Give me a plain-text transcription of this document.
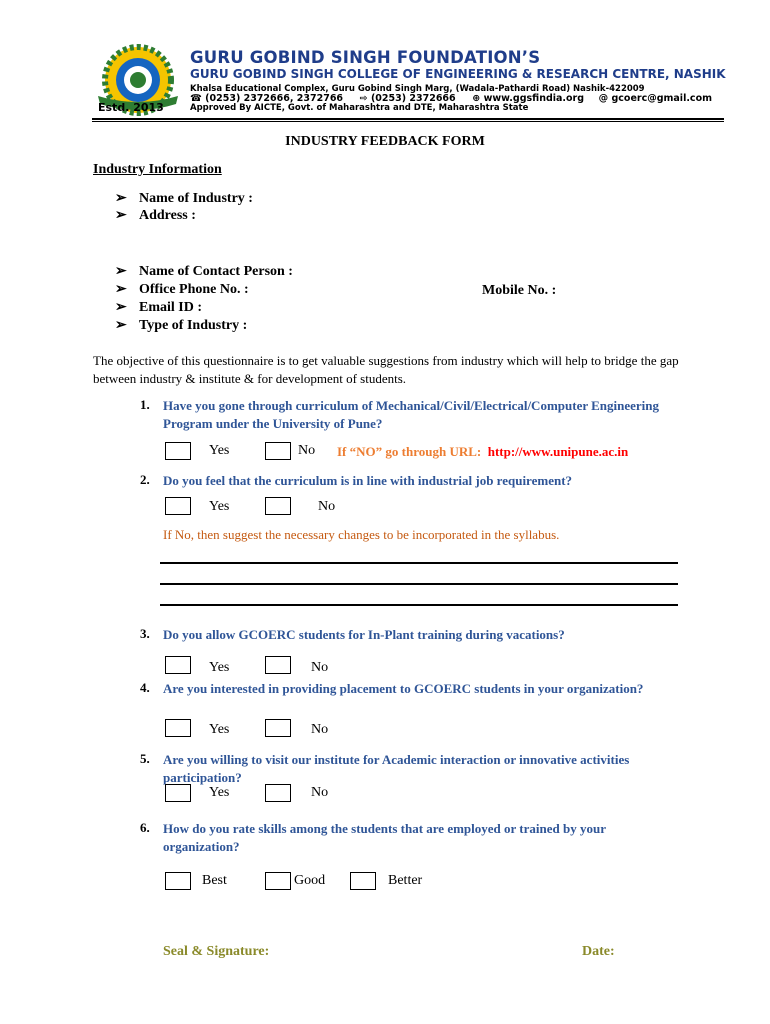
Estd. 2013
GURU GOBIND SINGH FOUNDATION’S
GURU GOBIND SINGH COLLEGE OF ENGINEERING & RESEARCH CENTRE, NASHIK
Khalsa Educational Complex, Guru Gobind Singh Marg, (Wadala-Pathardi Road) Nashik-422009
☎ (0253) 2372666, 2372766 ⇨ (0253) 2372666 ⊕ www.ggsfindia.org @ gcoerc@gmail.com
Approved By AICTE, Govt. of Maharashtra and DTE, Maharashtra State
INDUSTRY FEEDBACK FORM
Industry Information
➢ Name of Industry :
➢ Address :
➢ Name of Contact Person :
➢ Office Phone No. :	Mobile No. :
➢ Email ID :
➢ Type of Industry :
The objective of this questionnaire is to get valuable suggestions from industry which will help to bridge the gap between industry & institute & for development of students.
1. Have you gone through curriculum of Mechanical/Civil/Electrical/Computer Engineering Program under the University of Pune?
Yes	No If “NO” go through URL: http://www.unipune.ac.in
2. Do you feel that the curriculum is in line with industrial job requirement?
Yes	No
If No, then suggest the necessary changes to be incorporated in the syllabus.
3. Do you allow GCOERC students for In-Plant training during vacations?
Yes	No
4. Are you interested in providing placement to GCOERC students in your organization?
Yes	No
5. Are you willing to visit our institute for Academic interaction or innovative activities participation?
Yes	No
6. How do you rate skills among the students that are employed or trained by your organization?
Best	Good	Better
Seal & Signature:	Date:
